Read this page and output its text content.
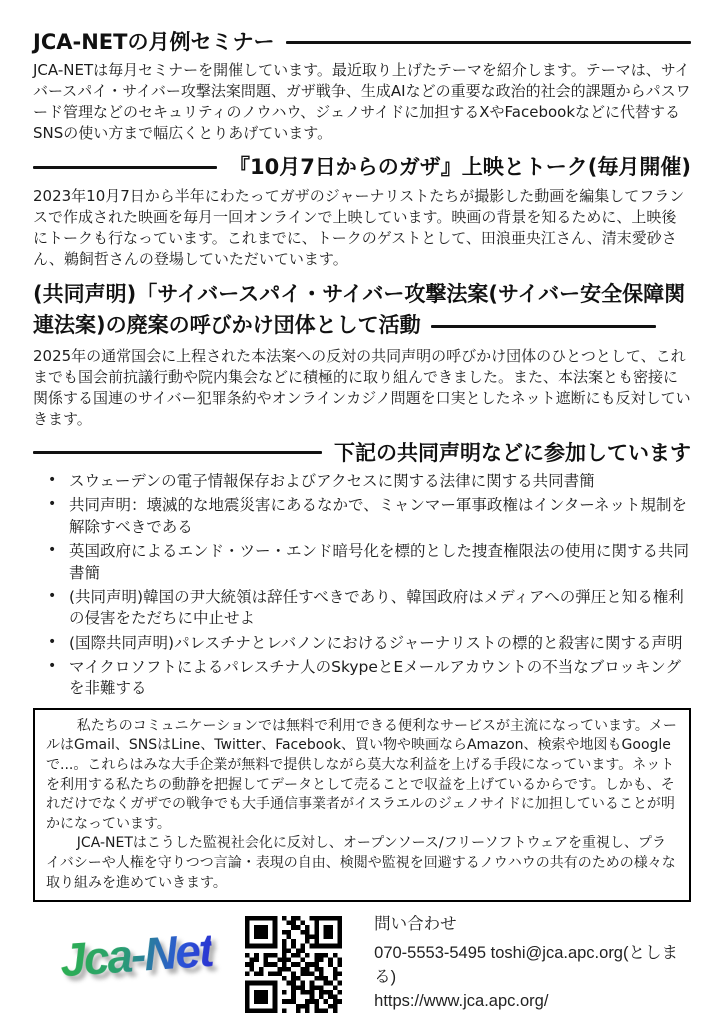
JCA-NETの月例セミナー

JCA-NETは毎月セミナーを開催しています。最近取り上げたテーマを紹介します。テーマは、サイバースパイ・サイバー攻撃法案問題、ガザ戦争、生成AIなどの重要な政治的社会的課題からパスワード管理などのセキュリティのノウハウ、ジェノサイドに加担するXやFacebookなどに代替するSNSの使い方まで幅広くとりあげています。

『10月7日からのガザ』上映とトーク(毎月開催)

2023年10月7日から半年にわたってガザのジャーナリストたちが撮影した動画を編集してフランスで作成された映画を毎月一回オンラインで上映しています。映画の背景を知るために、上映後にトークも行なっています。これまでに、トークのゲストとして、田浪亜央江さん、清末愛砂さん、鵜飼哲さんの登場していただいています。

(共同声明)「サイバースパイ・サイバー攻撃法案(サイバー安全保障関連法案)の廃案の呼びかけ団体として活動

2025年の通常国会に上程された本法案への反対の共同声明の呼びかけ団体のひとつとして、これまでも国会前抗議行動や院内集会などに積極的に取り組んできました。また、本法案とも密接に関係する国連のサイバー犯罪条約やオンラインカジノ問題を口実としたネット遮断にも反対していきます。

下記の共同声明などに参加しています
• スウェーデンの電子情報保存およびアクセスに関する法律に関する共同書簡
• 共同声明：壊滅的な地震災害にあるなかで、ミャンマー軍事政権はインターネット規制を解除すべきである
• 英国政府によるエンド・ツー・エンド暗号化を標的とした捜査権限法の使用に関する共同書簡
• (共同声明)韓国の尹大統領は辞任すべきであり、韓国政府はメディアへの弾圧と知る権利の侵害をただちに中止せよ
• (国際共同声明)パレスチナとレバノンにおけるジャーナリストの標的と殺害に関する声明
• マイクロソフトによるパレスチナ人のSkypeとEメールアカウントの不当なブロッキングを非難する

私たちのコミュニケーションでは無料で利用できる便利なサービスが主流になっています。メールはGmail、SNSはLine、Twitter、Facebook、買い物や映画ならAmazon、検索や地図もGoogleで...。これらはみな大手企業が無料で提供しながら莫大な利益を上げる手段になっています。ネットを利用する私たちの動静を把握してデータとして売ることで収益を上げているからです。しかも、それだけでなくガザでの戦争でも大手通信事業者がイスラエルのジェノサイドに加担していることが明かになっています。

JCA-NETはこうした監視社会化に反対し、オープンソース/フリーソフトウェアを重視し、プライバシーや人権を守りつつ言論・表現の自由、検閲や監視を回避するノウハウの共有のための様々な取り組みを進めていきます。

Jca-Net	問い合わせ
070-5553-5495 toshi@jca.apc.org(としまる)
https://www.jca.apc.org/
